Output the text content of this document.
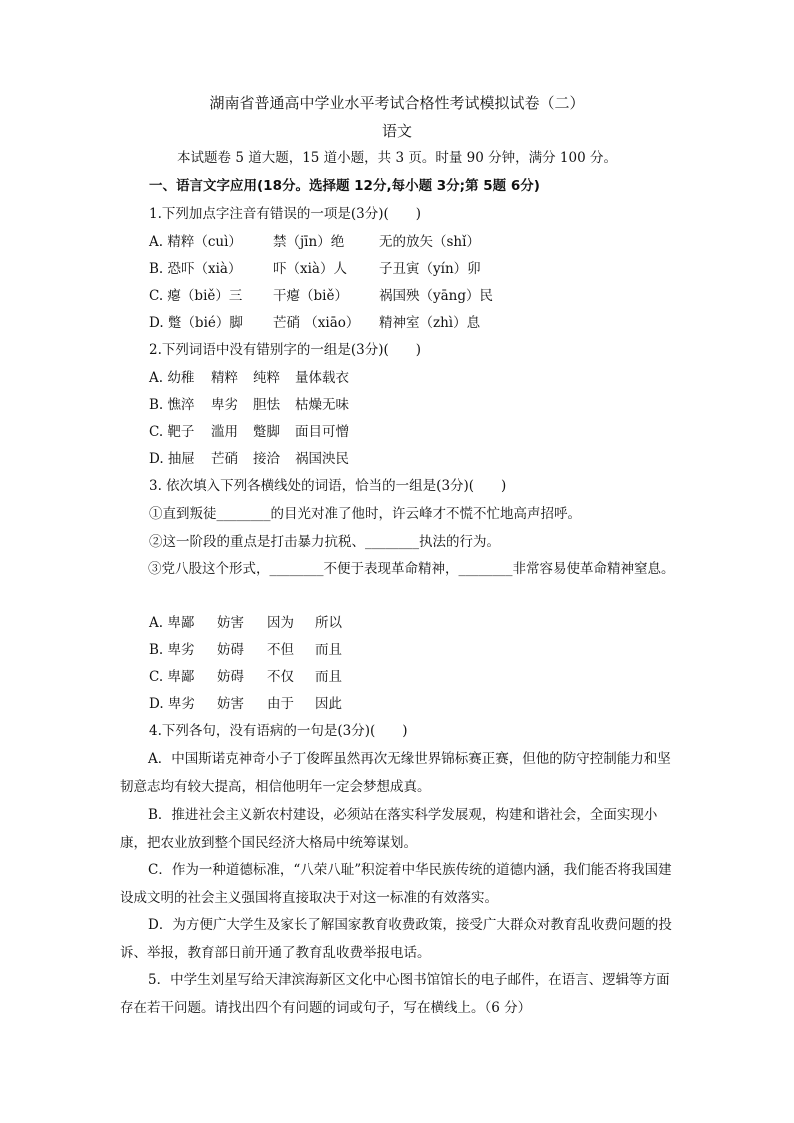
湖南省普通高中学业水平考试合格性考试模拟试卷（二）
语文
本试题卷 5 道大题，15 道小题，共 3 页。时量 90 分钟，满分 100 分。
一、语言文字应用(18分。选择题 12分,每小题 3分;第 5题 6分)
1.下列加点字注音有错误的一项是(3分)(　　)
A. 精粹（cuì） 禁（jīn）绝	无的放矢（shǐ）
B. 恐吓（xià） 吓（xià）人 子丑寅（yín）卯
C. 瘪（biě）三 干瘪（biě） 祸国殃（yāng）民
D. 蹩（bié）脚 芒硝 （xiāo） 精神室（zhì）息
2.下列词语中没有错别字的一组是(3分)(　　)
A. 幼稚 精粹 纯粹 量体载衣
B. 憔淬 卑劣 胆怯 枯燥无味
C. 靶子 滥用 蹩脚 面目可憎
D. 抽屉 芒硝 接洽 祸国泱民
3. 依次填入下列各横线处的词语，恰当的一组是(3分)(　　)
①直到叛徒________的目光对准了他时，许云峰才不慌不忙地高声招呼。
②这一阶段的重点是打击暴力抗税、________执法的行为。
③党八股这个形式，________不便于表现革命精神，________非常容易使革命精神窒息。
A. 卑鄙 妨害 因为 所以
B. 卑劣 妨碍 不但 而且
C. 卑鄙 妨碍 不仅 而且
D. 卑劣 妨害 由于 因此
4.下列各句，没有语病的一句是(3分)(　　)
A．中国斯诺克神奇小子丁俊晖虽然再次无缘世界锦标赛正赛，但他的防守控制能力和坚韧意志均有较大提高，相信他明年一定会梦想成真。
B．推进社会主义新农村建设，必须站在落实科学发展观，构建和谐社会，全面实现小康，把农业放到整个国民经济大格局中统筹谋划。
C．作为一种道德标准，“八荣八耻”积淀着中华民族传统的道德内涵，我们能否将我国建设成文明的社会主义强国将直接取决于对这一标准的有效落实。
D．为方便广大学生及家长了解国家教育收费政策，接受广大群众对教育乱收费问题的投诉、举报，教育部日前开通了教育乱收费举报电话。
5．中学生刘星写给天津滨海新区文化中心图书馆馆长的电子邮件，在语言、逻辑等方面存在若干问题。请找出四个有问题的词或句子，写在横线上。（6 分）
